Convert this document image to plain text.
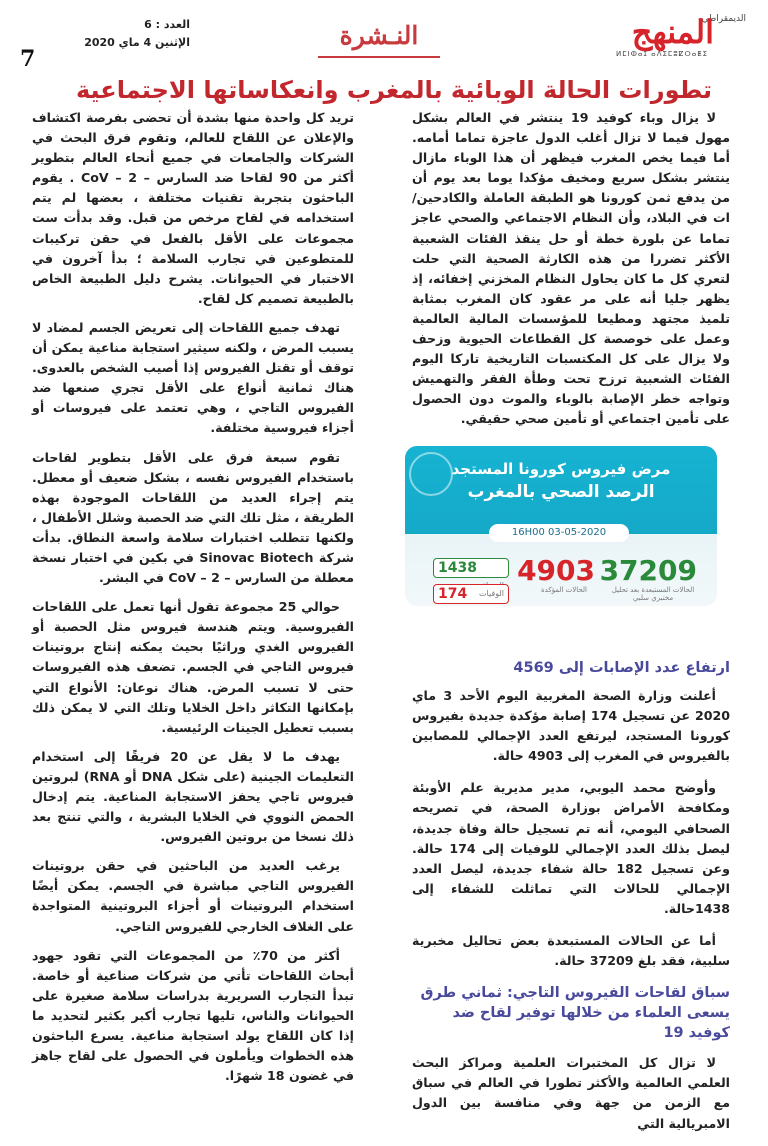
الديمقراطي
المنهج
ⵍⵎⵏⵀⴰⵊ ⴰⴷⵉⵎⵓⵇⵔⴰⵟⵉ
النـشرة
العدد : 6
الإثنين 4 ماي 2020
7
تطورات الحالة الوبائية بالمغرب وانعكاساتها الاجتماعية

لا يزال وباء كوفيد 19 ينتشر في العالم بشكل مهول فيما لا تزال أغلب الدول عاجزة تماما أمامه. أما فيما يخص المغرب فيظهر أن هذا الوباء مازال ينتشر بشكل سريع ومخيف مؤكدا يوما بعد يوم أن من يدفع ثمن كورونا هو الطبقة العاملة والكادحين/ات في البلاد، وأن النظام الاجتماعي والصحي عاجز تماما عن بلورة خطة أو حل ينقذ الفئات الشعبية الأكثر تضررا من هذه الكارثة الصحية التي حلت لتعري كل ما كان يحاول النظام المخزني إخفائه، إذ يظهر جليا أنه على مر عقود كان المغرب بمثابة تلميذ مجتهد ومطيعا للمؤسسات المالية العالمية وعمل على خوصصة كل القطاعات الحيوية وزحف ولا يزال على كل المكتسبات التاريخية تاركا اليوم الفئات الشعبية ترزح تحت وطأة الفقر والتهميش وتواجه خطر الإصابة بالوباء والموت دون الحصول على تأمين اجتماعي أو تأمين صحي حقيقي.

مرض فيروس كورونا المستجد
الرصد الصحي بالمغرب
16H00 03-05-2020
37209
الحالات المستبعدة بعد تحليل مختبري سلبي
4903
الحالات المؤكدة
1438
174 الوفيات
ارتفاع عدد الإصابات إلى 4569

أعلنت وزارة الصحة المغربية اليوم الأحد 3 ماي 2020 عن تسجيل 174 إصابة مؤكدة جديدة بفيروس كورونا المستجد، ليرتفع العدد الإجمالي للمصابين بالفيروس في المغرب إلى 4903 حالة.

وأوضح محمد اليوبي، مدير مديرية علم الأوبئة ومكافحة الأمراض بوزارة الصحة، في تصريحه الصحافي اليومي، أنه تم تسجيل حالة وفاة جديدة، ليصل بذلك العدد الإجمالي للوفيات إلى 174 حالة. وعن تسجيل 182 حالة شفاء جديدة، ليصل العدد الإجمالي للحالات التي تماثلت للشفاء إلى 1438حالة.

أما عن الحالات المستبعدة بعض تحاليل مخبرية سلبية، فقد بلغ 37209 حالة.

سباق لقاحات الفيروس التاجي: ثماني طرق يسعى العلماء من خلالها توفير لقاح ضد كوفيد 19

لا تزال كل المختبرات العلمية ومراكز البحث العلمي العالمية والأكثر تطورا في العالم في سباق مع الزمن من جهة وفي منافسة بين الدول الامبريالية التي

تريد كل واحدة منها بشدة أن تحضى بفرصة اكتشاف والإعلان عن اللقاح للعالم، وتقوم فرق البحث في الشركات والجامعات في جميع أنحاء العالم بتطوير أكثر من 90 لقاحا ضد السارس – 2 – CoV . يقوم الباحثون بتجربة تقنيات مختلفة ، بعضها لم يتم استخدامه في لقاح مرخص من قبل. وقد بدأت ست مجموعات على الأقل بالفعل في حقن تركيبات للمتطوعين في تجارب السلامة ؛ بدأ آخرون في الاختبار في الحيوانات. يشرح دليل الطبيعة الخاص بالطبيعة تصميم كل لقاح.

تهدف جميع اللقاحات إلى تعريض الجسم لمضاد لا يسبب المرض ، ولكنه سيثير استجابة مناعية يمكن أن توقف أو تقتل الفيروس إذا أصيب الشخص بالعدوى. هناك ثمانية أنواع على الأقل تجري صنعها ضد الفيروس التاجي ، وهي تعتمد على فيروسات أو أجزاء فيروسية مختلفة.

تقوم سبعة فرق على الأقل بتطوير لقاحات باستخدام الفيروس نفسه ، بشكل ضعيف أو معطل. يتم إجراء العديد من اللقاحات الموجودة بهذه الطريقة ، مثل تلك التي ضد الحصبة وشلل الأطفال ، ولكنها تتطلب اختبارات سلامة واسعة النطاق. بدأت شركة Sinovac Biotech في بكين في اختبار نسخة معطلة من السارس – 2 – CoV في البشر.

حوالي 25 مجموعة تقول أنها تعمل على اللقاحات الفيروسية. ويتم هندسة فيروس مثل الحصبة أو الفيروس الغدي وراثيًا بحيث يمكنه إنتاج بروتينات فيروس التاجي في الجسم. تضعف هذه الفيروسات حتى لا تسبب المرض. هناك نوعان: الأنواع التي بإمكانها التكاثر داخل الخلايا وتلك التي لا يمكن ذلك بسبب تعطيل الجينات الرئيسية.

يهدف ما لا يقل عن 20 فريقًا إلى استخدام التعليمات الجينية (على شكل DNA أو RNA) لبروتين فيروس تاجي يحفز الاستجابة المناعية. يتم إدخال الحمض النووي في الخلايا البشرية ، والتي تنتج بعد ذلك نسخا من بروتين الفيروس.

يرغب العديد من الباحثين في حقن بروتينات الفيروس التاجي مباشرة في الجسم. يمكن أيضًا استخدام البروتينات أو أجزاء البروتينية المتواجدة على الغلاف الخارجي للفيروس التاجي.

أكثر من 70٪ من المجموعات التي تقود جهود أبحاث اللقاحات تأتي من شركات صناعية أو خاصة. تبدأ التجارب السريرية بدراسات سلامة صغيرة على الحيوانات والناس، تليها تجارب أكبر بكثير لتحديد ما إذا كان اللقاح يولد استجابة مناعية. يسرع الباحثون هذه الخطوات ويأملون في الحصول على لقاح جاهز في غضون 18 شهرًا.
